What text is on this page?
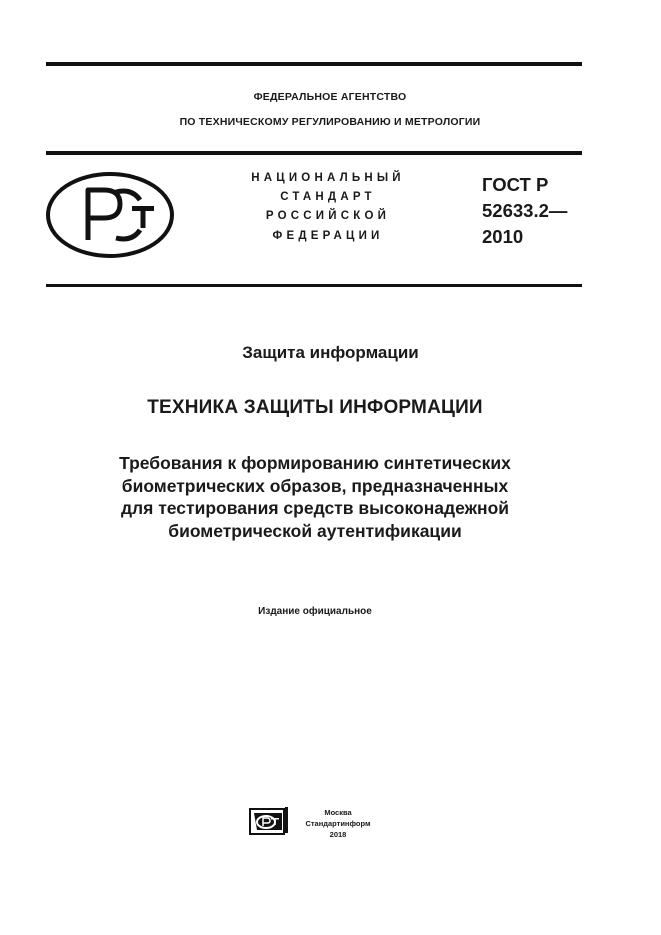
ФЕДЕРАЛЬНОЕ АГЕНТСТВО
ПО ТЕХНИЧЕСКОМУ РЕГУЛИРОВАНИЮ И МЕТРОЛОГИИ
НАЦИОНАЛЬНЫЙ
СТАНДАРТ
РОССИЙСКОЙ
ФЕДЕРАЦИИ
ГОСТ Р
52633.2—
2010
Защита информации
ТЕХНИКА ЗАЩИТЫ ИНФОРМАЦИИ
Требования к формированию синтетических
биометрических образов, предназначенных
для тестирования средств высоконадежной
биометрической аутентификации
Издание официальное
Москва
Стандартинформ
2018
